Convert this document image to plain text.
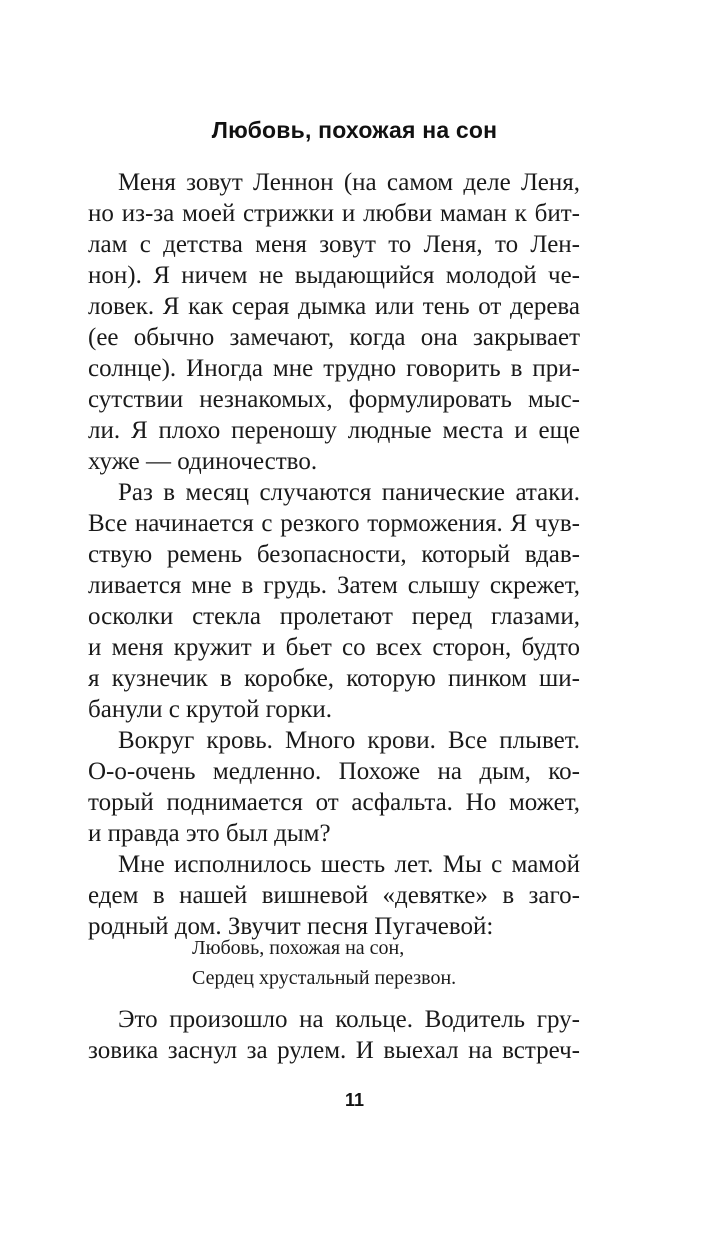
Любовь, похожая на сон
Меня зовут Леннон (на самом деле Леня,
но из-за моей стрижки и любви маман к бит-
лам с детства меня зовут то Леня, то Лен-
нон). Я ничем не выдающийся молодой че-
ловек. Я как серая дымка или тень от дерева
(ее обычно замечают, когда она закрывает
солнце). Иногда мне трудно говорить в при-
сутствии незнакомых, формулировать мыс-
ли. Я плохо переношу людные места и еще
хуже — одиночество.
Раз в месяц случаются панические атаки.
Все начинается с резкого торможения. Я чув-
ствую ремень безопасности, который вдав-
ливается мне в грудь. Затем слышу скрежет,
осколки стекла пролетают перед глазами,
и меня кружит и бьет со всех сторон, будто
я кузнечик в коробке, которую пинком ши-
банули с крутой горки.
Вокруг кровь. Много крови. Все плывет.
О-о-очень медленно. Похоже на дым, ко-
торый поднимается от асфальта. Но может,
и правда это был дым?
Мне исполнилось шесть лет. Мы с мамой
едем в нашей вишневой «девятке» в заго-
родный дом. Звучит песня Пугачевой:
Любовь, похожая на сон,
Сердец хрустальный перезвон.
Это произошло на кольце. Водитель гру-
зовика заснул за рулем. И выехал на встреч-
11
